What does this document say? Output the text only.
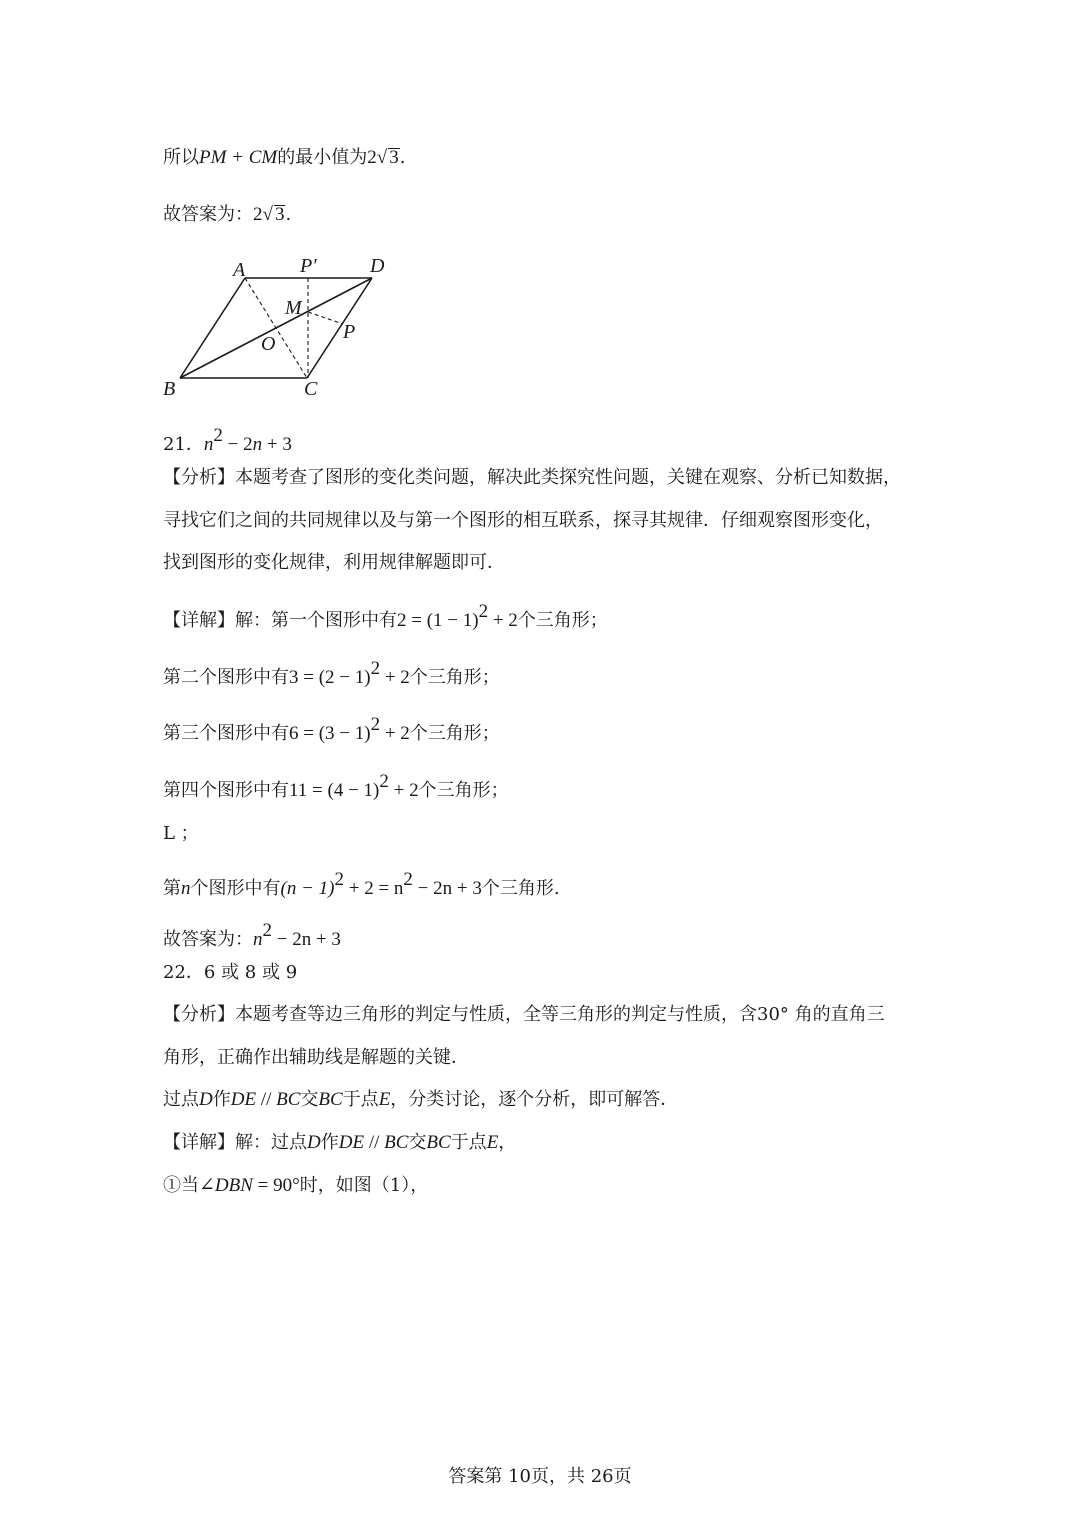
所以PM + CM的最小值为2√ 3.
故答案为：2√ 3.
A	P′	D
M
O
P
B	C
21．$n^2 - 2n + 3$
【分析】本题考查了图形的变化类问题，解决此类探究性问题，关键在观察、分析已知数据，
寻找它们之间的共同规律以及与第一个图形的相互联系，探寻其规律．仔细观察图形变化，
找到图形的变化规律，利用规律解题即可．
【详解】解：第一个图形中有$2 = (1 - 1)^2 + 2$个三角形；
第二个图形中有$3 = (2 - 1)^2 + 2$个三角形；
第三个图形中有$6 = (3 - 1)^2 + 2$个三角形；
第四个图形中有$11 = (4 - 1)^2 + 2$个三角形；
L ；
第n个图形中有$(n - 1)^2 + 2 = n^2 - 2n + 3$个三角形.
故答案为：$n^2 - 2n + 3$
22．6 或 8 或 9
【分析】本题考查等边三角形的判定与性质，全等三角形的判定与性质，含30° 角的直角三
角形，正确作出辅助线是解题的关键．
过点D作DE // BC交BC于点E，分类讨论，逐个分析，即可解答．
【详解】解：过点D作DE // BC交BC于点E，
①当∠DBN = 90°时，如图（1），
答案第 10页，共 26页
